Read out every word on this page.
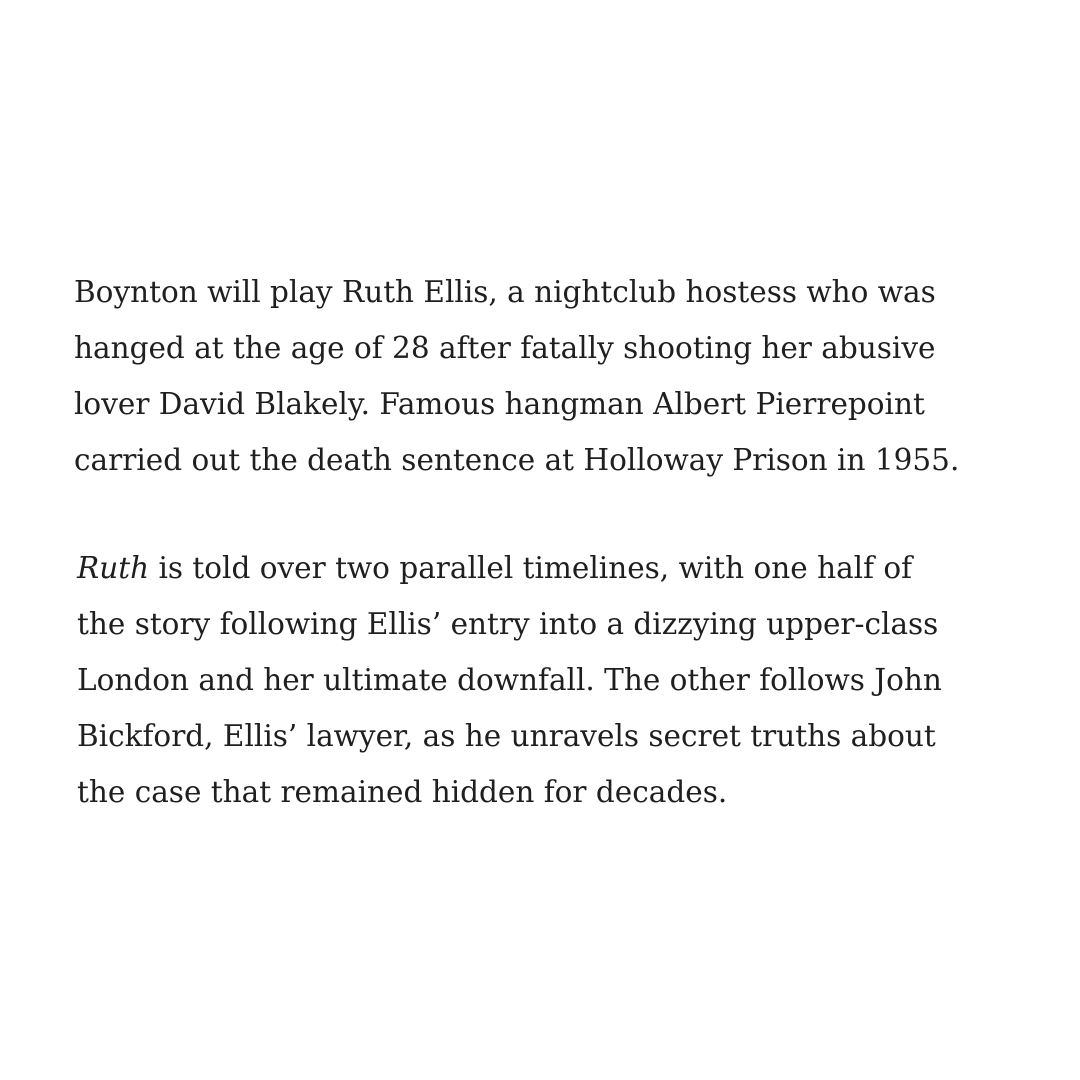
Boynton will play Ruth Ellis, a nightclub hostess who was
hanged at the age of 28 after fatally shooting her abusive
lover David Blakely. Famous hangman Albert Pierrepoint
carried out the death sentence at Holloway Prison in 1955.
Ruth is told over two parallel timelines, with one half of
the story following Ellis’ entry into a dizzying upper-class
London and her ultimate downfall. The other follows John
Bickford, Ellis’ lawyer, as he unravels secret truths about
the case that remained hidden for decades.
